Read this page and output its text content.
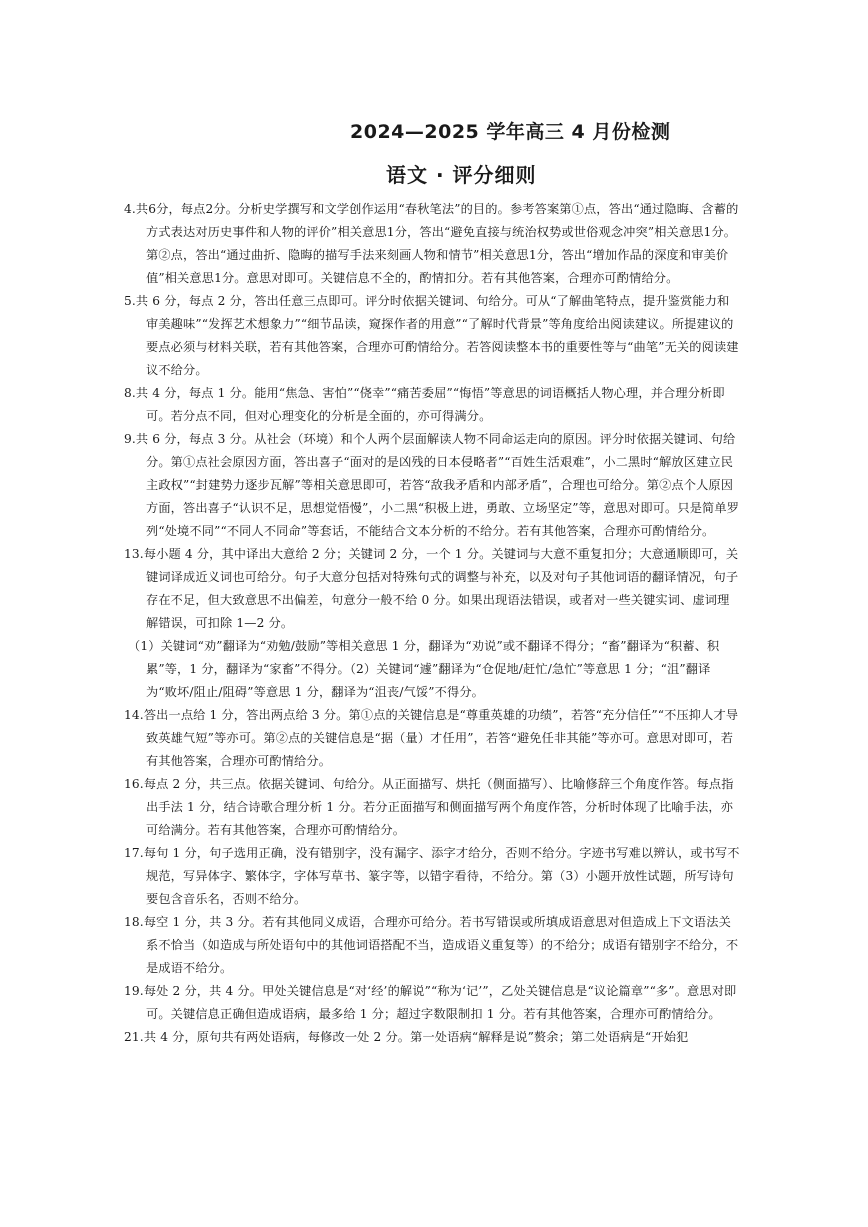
2024—2025 学年高三 4 月份检测
语文 · 评分细则

4.共6分，每点2分。分析史学撰写和文学创作运用“春秋笔法”的目的。参考答案第①点，答出“通过隐晦、含蓄的方式表达对历史事件和人物的评价”相关意思1分，答出“避免直接与统治权势或世俗观念冲突”相关意思1分。第②点，答出“通过曲折、隐晦的描写手法来刻画人物和情节”相关意思1分，答出“增加作品的深度和审美价值”相关意思1分。意思对即可。关键信息不全的，酌情扣分。若有其他答案，合理亦可酌情给分。

5.共 6 分，每点 2 分，答出任意三点即可。评分时依据关键词、句给分。可从“了解曲笔特点，提升鉴赏能力和审美趣味”“发挥艺术想象力”“细节品读，窥探作者的用意”“了解时代背景”等角度给出阅读建议。所提建议的要点必须与材料关联，若有其他答案，合理亦可酌情给分。若答阅读整本书的重要性等与“曲笔”无关的阅读建议不给分。

8.共 4 分，每点 1 分。能用“焦急、害怕”“侥幸”“痛苦委屈”“悔悟”等意思的词语概括人物心理，并合理分析即可。若分点不同，但对心理变化的分析是全面的，亦可得满分。

9.共 6 分，每点 3 分。从社会（环境）和个人两个层面解读人物不同命运走向的原因。评分时依据关键词、句给分。第①点社会原因方面，答出喜子“面对的是凶残的日本侵略者”“百姓生活艰难”，小二黑时“解放区建立民主政权”“封建势力逐步瓦解”等相关意思即可，若答“敌我矛盾和内部矛盾”，合理也可给分。第②点个人原因方面，答出喜子“认识不足，思想觉悟慢”，小二黑“积极上进，勇敢、立场坚定”等，意思对即可。只是简单罗列“处境不同”“不同人不同命”等套话，不能结合文本分析的不给分。若有其他答案，合理亦可酌情给分。

13.每小题 4 分，其中译出大意给 2 分；关键词 2 分，一个 1 分。关键词与大意不重复扣分；大意通顺即可，关键词译成近义词也可给分。句子大意分包括对特殊句式的调整与补充，以及对句子其他词语的翻译情况，句子存在不足，但大致意思不出偏差，句意分一般不给 0 分。如果出现语法错误，或者对一些关键实词、虚词理解错误，可扣除 1—2 分。

（1）关键词“劝”翻译为“劝勉/鼓励”等相关意思 1 分，翻译为“劝说”或不翻译不得分；“畜”翻译为“积蓄、积累”等，1 分，翻译为“家畜”不得分。（2）关键词“遽”翻译为“仓促地/赶忙/急忙”等意思 1 分；“沮”翻译为“败坏/阻止/阻碍”等意思 1 分，翻译为“沮丧/气馁”不得分。

14.答出一点给 1 分，答出两点给 3 分。第①点的关键信息是“尊重英雄的功绩”，若答“充分信任”“不压抑人才导致英雄气短”等亦可。第②点的关键信息是“据（量）才任用”，若答“避免任非其能”等亦可。意思对即可，若有其他答案，合理亦可酌情给分。

16.每点 2 分，共三点。依据关键词、句给分。从正面描写、烘托（侧面描写）、比喻修辞三个角度作答。每点指出手法 1 分，结合诗歌合理分析 1 分。若分正面描写和侧面描写两个角度作答，分析时体现了比喻手法，亦可给满分。若有其他答案，合理亦可酌情给分。

17.每句 1 分，句子选用正确，没有错别字，没有漏字、添字才给分，否则不给分。字迹书写难以辨认，或书写不规范，写异体字、繁体字，字体写草书、篆字等，以错字看待，不给分。第（3）小题开放性试题，所写诗句要包含音乐名，否则不给分。

18.每空 1 分，共 3 分。若有其他同义成语，合理亦可给分。若书写错误或所填成语意思对但造成上下文语法关系不恰当（如造成与所处语句中的其他词语搭配不当，造成语义重复等）的不给分；成语有错别字不给分，不是成语不给分。

19.每处 2 分，共 4 分。甲处关键信息是“对‘经’的解说”“称为‘记’”，乙处关键信息是“议论篇章”“多”。意思对即可。关键信息正确但造成语病，最多给 1 分；超过字数限制扣 1 分。若有其他答案，合理亦可酌情给分。

21.共 4 分，原句共有两处语病，每修改一处 2 分。第一处语病“解释是说”赘余；第二处语病是“开始犯
